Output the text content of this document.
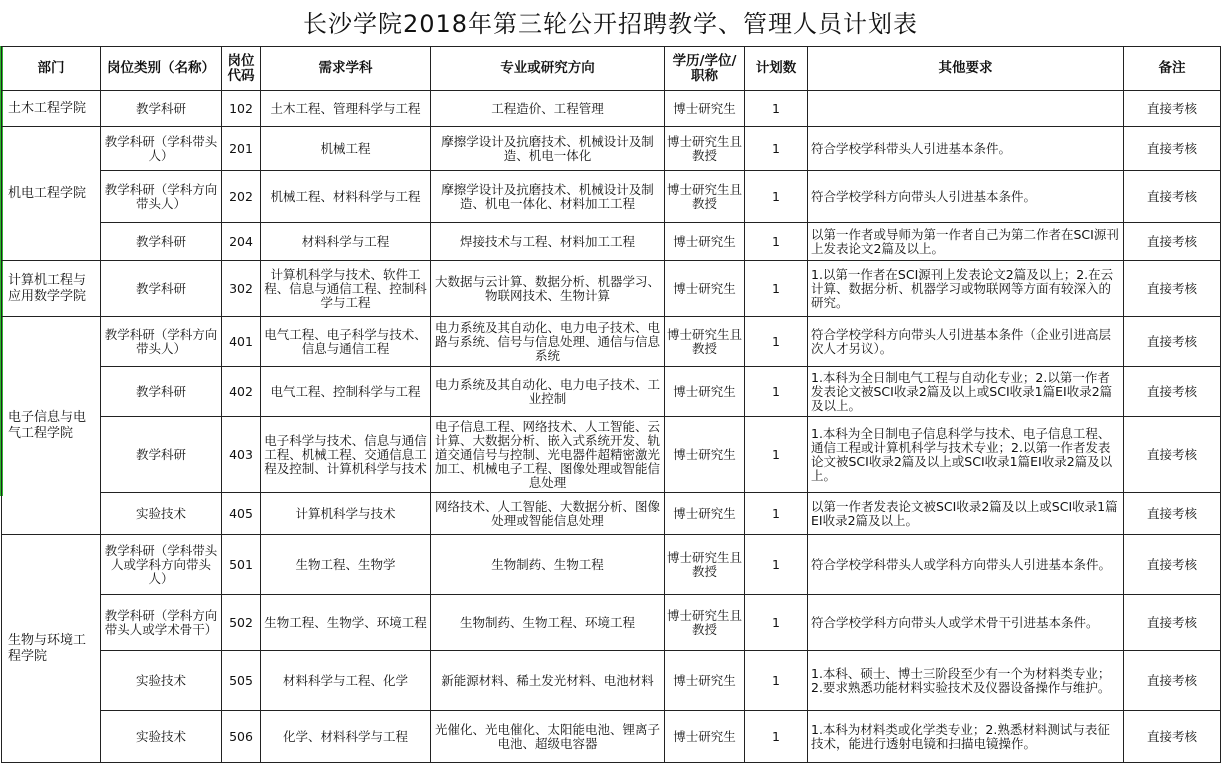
长沙学院2018年第三轮公开招聘教学、管理人员计划表
部门	岗位类别（名称）	岗位代码	需求学科	专业或研究方向	学历/学位/职称	计划数	其他要求	备注
土木工程学院	教学科研	102	土木工程、管理科学与工程	工程造价、工程管理	博士研究生	1		直接考核
机电工程学院	教学科研（学科带头人）	201	机械工程	摩擦学设计及抗磨技术、机械设计及制造、机电一体化	博士研究生且教授	1	符合学校学科带头人引进基本条件。	直接考核
	教学科研（学科方向带头人）	202	机械工程、材料科学与工程	摩擦学设计及抗磨技术、机械设计及制造、机电一体化、材料加工工程	博士研究生且教授	1	符合学校学科方向带头人引进基本条件。	直接考核
	教学科研	204	材料科学与工程	焊接技术与工程、材料加工工程	博士研究生	1	以第一作者或导师为第一作者自己为第二作者在SCI源刊上发表论文2篇及以上。	直接考核
计算机工程与应用数学学院	教学科研	302	计算机科学与技术、软件工程、信息与通信工程、控制科学与工程	大数据与云计算、数据分析、机器学习、物联网技术、生物计算	博士研究生	1	1.以第一作者在SCI源刊上发表论文2篇及以上；2.在云计算、数据分析、机器学习或物联网等方面有较深入的研究。	直接考核
电子信息与电气工程学院	教学科研（学科方向带头人）	401	电气工程、电子科学与技术、信息与通信工程	电力系统及其自动化、电力电子技术、电路与系统、信号与信息处理、通信与信息系统	博士研究生且教授	1	符合学校学科方向带头人引进基本条件（企业引进高层次人才另议）。	直接考核
	教学科研	402	电气工程、控制科学与工程	电力系统及其自动化、电力电子技术、工业控制	博士研究生	1	1.本科为全日制电气工程与自动化专业；2.以第一作者发表论文被SCI收录2篇及以上或SCI收录1篇EI收录2篇及以上。	直接考核
	教学科研	403	电子科学与技术、信息与通信工程、机械工程、交通信息工程及控制、计算机科学与技术	电子信息工程、网络技术、人工智能、云计算、大数据分析、嵌入式系统开发、轨道交通信号与控制、光电器件超精密激光加工、机械电子工程、图像处理或智能信息处理	博士研究生	1	1.本科为全日制电子信息科学与技术、电子信息工程、通信工程或计算机科学与技术专业；2.以第一作者发表论文被SCI收录2篇及以上或SCI收录1篇EI收录2篇及以上。	直接考核
	实验技术	405	计算机科学与技术	网络技术、人工智能、大数据分析、图像处理或智能信息处理	博士研究生	1	以第一作者发表论文被SCI收录2篇及以上或SCI收录1篇EI收录2篇及以上。	直接考核
生物与环境工程学院	教学科研（学科带头人或学科方向带头人）	501	生物工程、生物学	生物制药、生物工程	博士研究生且教授	1	符合学校学科带头人或学科方向带头人引进基本条件。	直接考核
	教学科研（学科方向带头人或学术骨干）	502	生物工程、生物学、环境工程	生物制药、生物工程、环境工程	博士研究生且教授	1	符合学校学科方向带头人或学术骨干引进基本条件。	直接考核
	实验技术	505	材料科学与工程、化学	新能源材料、稀土发光材料、电池材料	博士研究生	1	1.本科、硕士、博士三阶段至少有一个为材料类专业；2.要求熟悉功能材料实验技术及仪器设备操作与维护。	直接考核
	实验技术	506	化学、材料科学与工程	光催化、光电催化、太阳能电池、锂离子电池、超级电容器	博士研究生	1	1.本科为材料类或化学类专业；2.熟悉材料测试与表征技术，能进行透射电镜和扫描电镜操作。	直接考核
